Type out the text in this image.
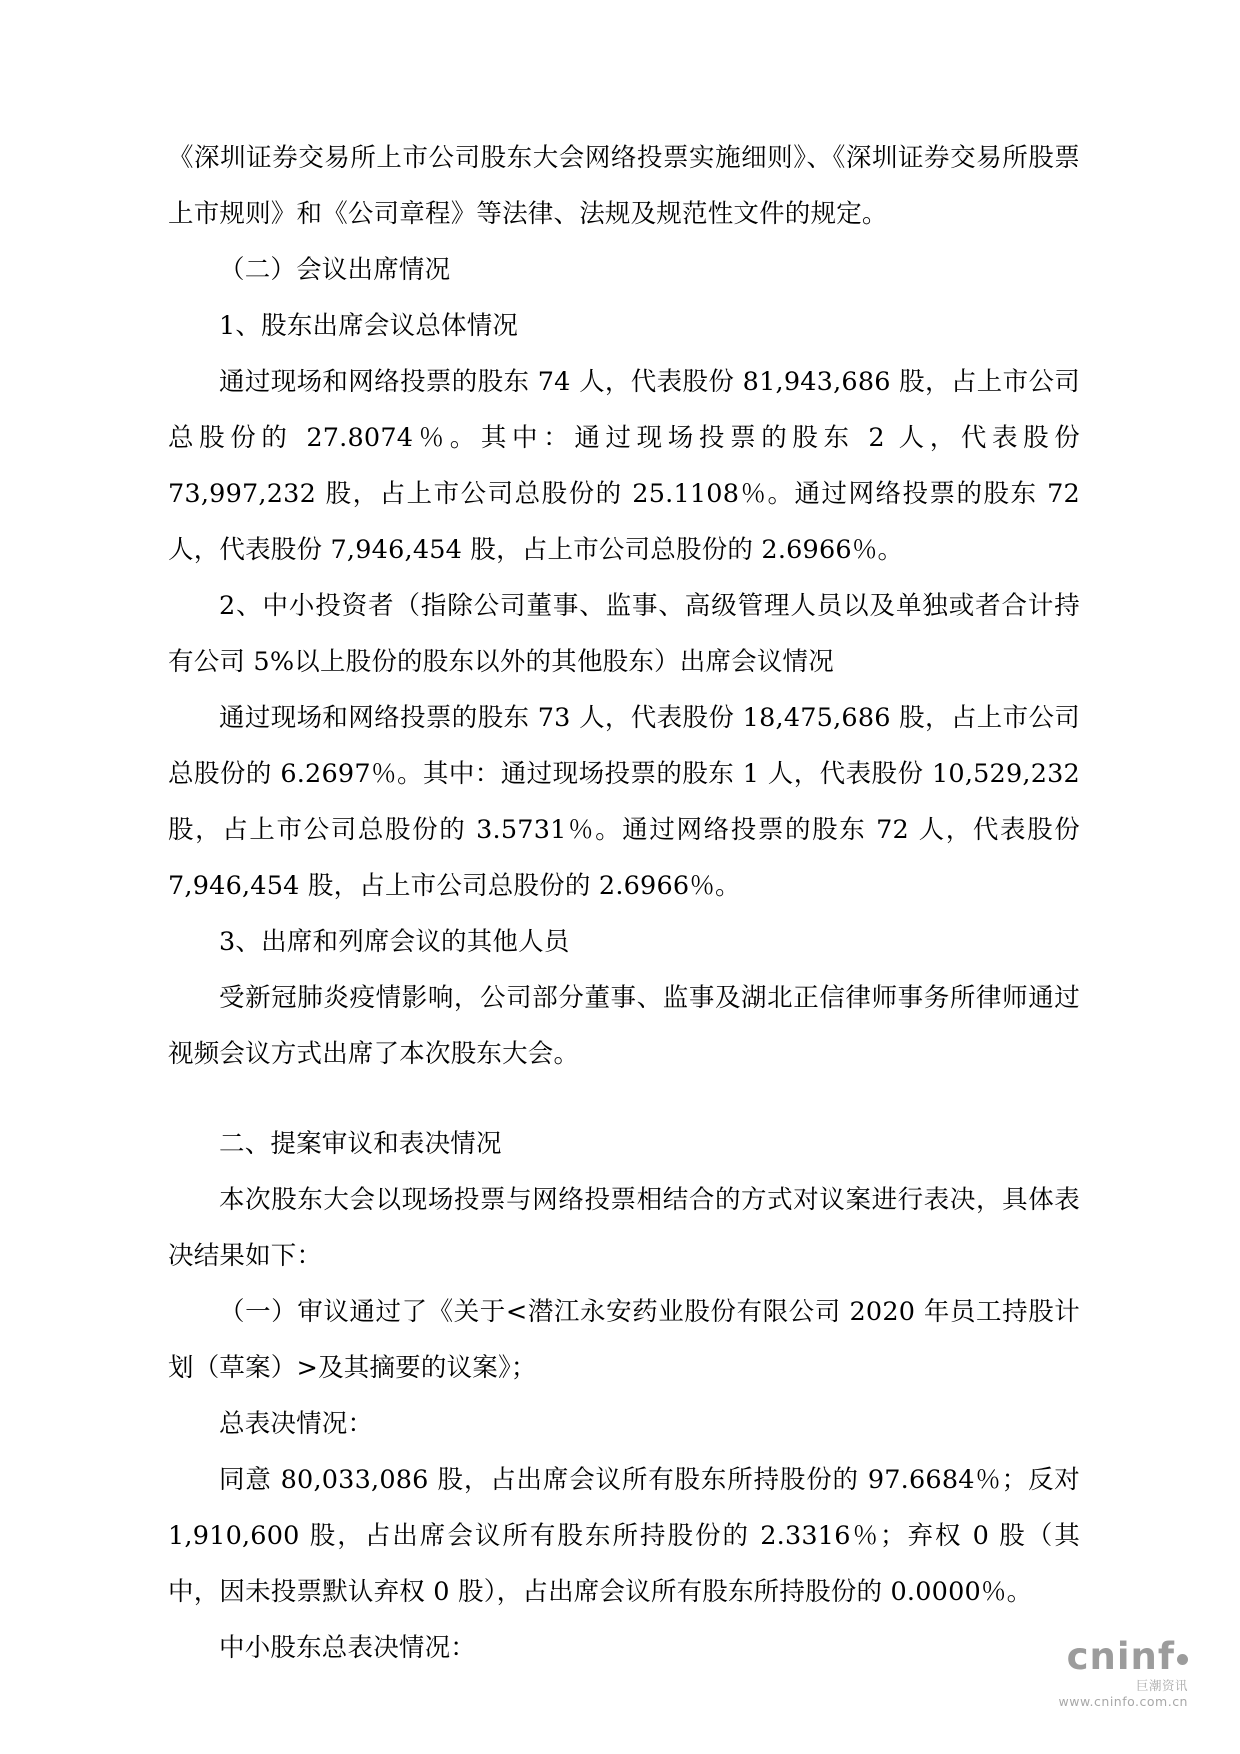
《深圳证券交易所上市公司股东大会网络投票实施细则》、《深圳证券交易所股票上市规则》和《公司章程》等法律、法规及规范性文件的规定。

（二）会议出席情况

1、股东出席会议总体情况

通过现场和网络投票的股东 74 人，代表股份 81,943,686 股，占上市公司总股份的 27.8074％。其中：通过现场投票的股东 2 人，代表股份 73,997,232 股，占上市公司总股份的 25.1108％。通过网络投票的股东 72 人，代表股份 7,946,454 股，占上市公司总股份的 2.6966％。

2、中小投资者（指除公司董事、监事、高级管理人员以及单独或者合计持有公司 5%以上股份的股东以外的其他股东）出席会议情况

通过现场和网络投票的股东 73 人，代表股份 18,475,686 股，占上市公司总股份的 6.2697％。其中：通过现场投票的股东 1 人，代表股份 10,529,232 股，占上市公司总股份的 3.5731％。通过网络投票的股东 72 人，代表股份 7,946,454 股，占上市公司总股份的 2.6966％。

3、出席和列席会议的其他人员

受新冠肺炎疫情影响，公司部分董事、监事及湖北正信律师事务所律师通过视频会议方式出席了本次股东大会。

二、提案审议和表决情况

本次股东大会以现场投票与网络投票相结合的方式对议案进行表决，具体表决结果如下：

（一）审议通过了《关于<潜江永安药业股份有限公司 2020 年员工持股计划（草案）>及其摘要的议案》；

总表决情况：

同意 80,033,086 股，占出席会议所有股东所持股份的 97.6684％；反对 1,910,600 股，占出席会议所有股东所持股份的 2.3316％；弃权 0 股（其中，因未投票默认弃权 0 股），占出席会议所有股东所持股份的 0.0000％。

中小股东总表决情况：	cninf
巨潮资讯
www.cninfo.com.cn
